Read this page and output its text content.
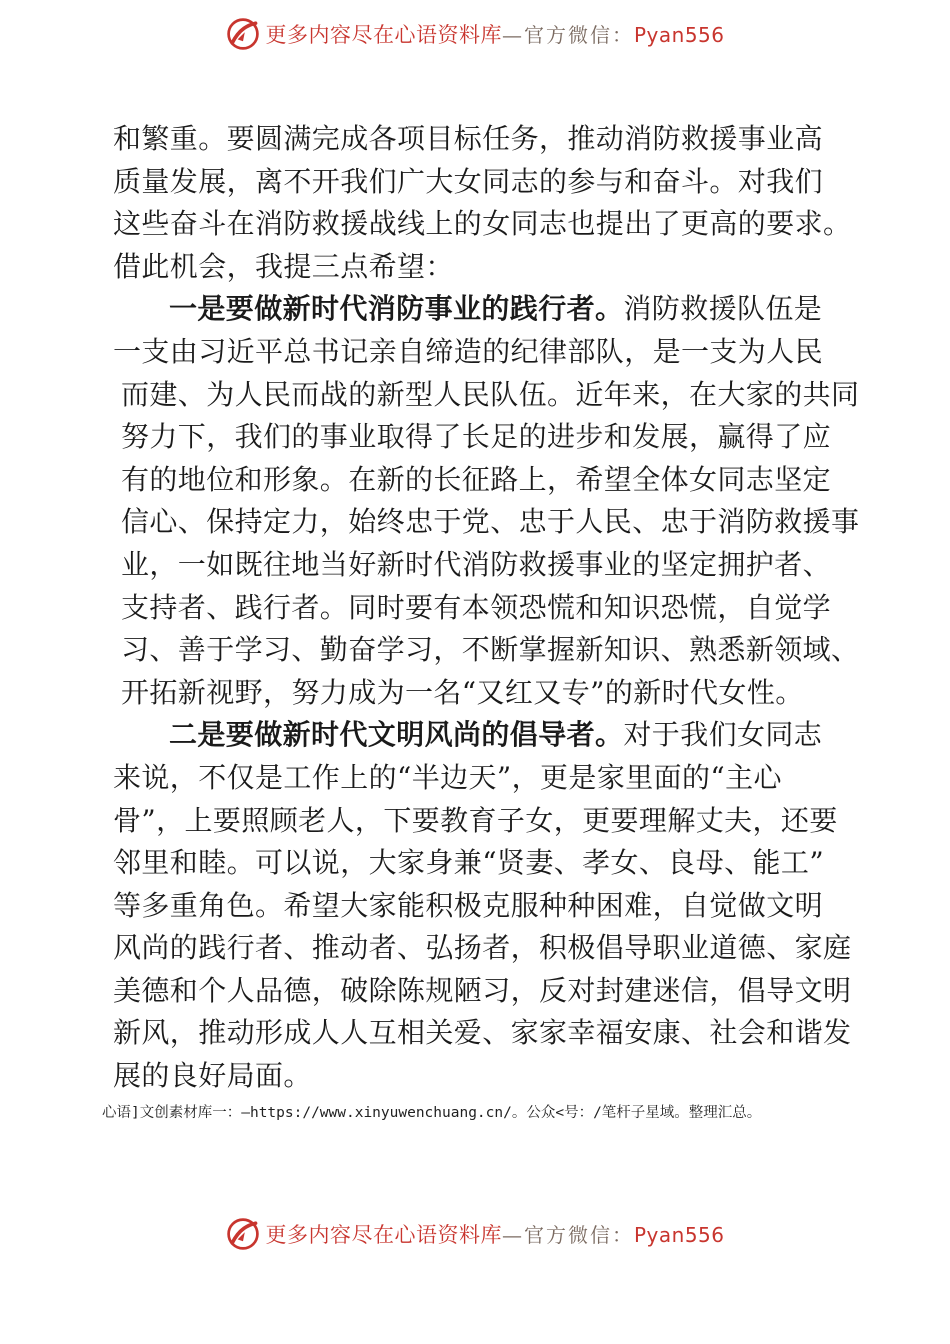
更多内容尽在心语资料库—官方微信：Pyan556
和繁重。要圆满完成各项目标任务，推动消防救援事业高
质量发展，离不开我们广大女同志的参与和奋斗。对我们
这些奋斗在消防救援战线上的女同志也提出了更高的要求。
借此机会，我提三点希望：
一是要做新时代消防事业的践行者。消防救援队伍是
一支由习近平总书记亲自缔造的纪律部队，是一支为人民
而建、为人民而战的新型人民队伍。近年来，在大家的共同
努力下，我们的事业取得了长足的进步和发展，赢得了应
有的地位和形象。在新的长征路上，希望全体女同志坚定
信心、保持定力，始终忠于党、忠于人民、忠于消防救援事
业，一如既往地当好新时代消防救援事业的坚定拥护者、
支持者、践行者。同时要有本领恐慌和知识恐慌，自觉学
习、善于学习、勤奋学习，不断掌握新知识、熟悉新领域、
开拓新视野，努力成为一名“又红又专”的新时代女性。
二是要做新时代文明风尚的倡导者。对于我们女同志
来说，不仅是工作上的“半边天”，更是家里面的“主心
骨”，上要照顾老人，下要教育子女，更要理解丈夫，还要
邻里和睦。可以说，大家身兼“贤妻、孝女、良母、能工”
等多重角色。希望大家能积极克服种种困难，自觉做文明
风尚的践行者、推动者、弘扬者，积极倡导职业道德、家庭
美德和个人品德，破除陈规陋习，反对封建迷信，倡导文明
新风，推动形成人人互相关爱、家家幸福安康、社会和谐发
展的良好局面。
心语]文创素材库一：—https://www.xinyuwenchuang.cn/。公众<号：/笔杆子星域。整理汇总。
更多内容尽在心语资料库—官方微信：Pyan556
